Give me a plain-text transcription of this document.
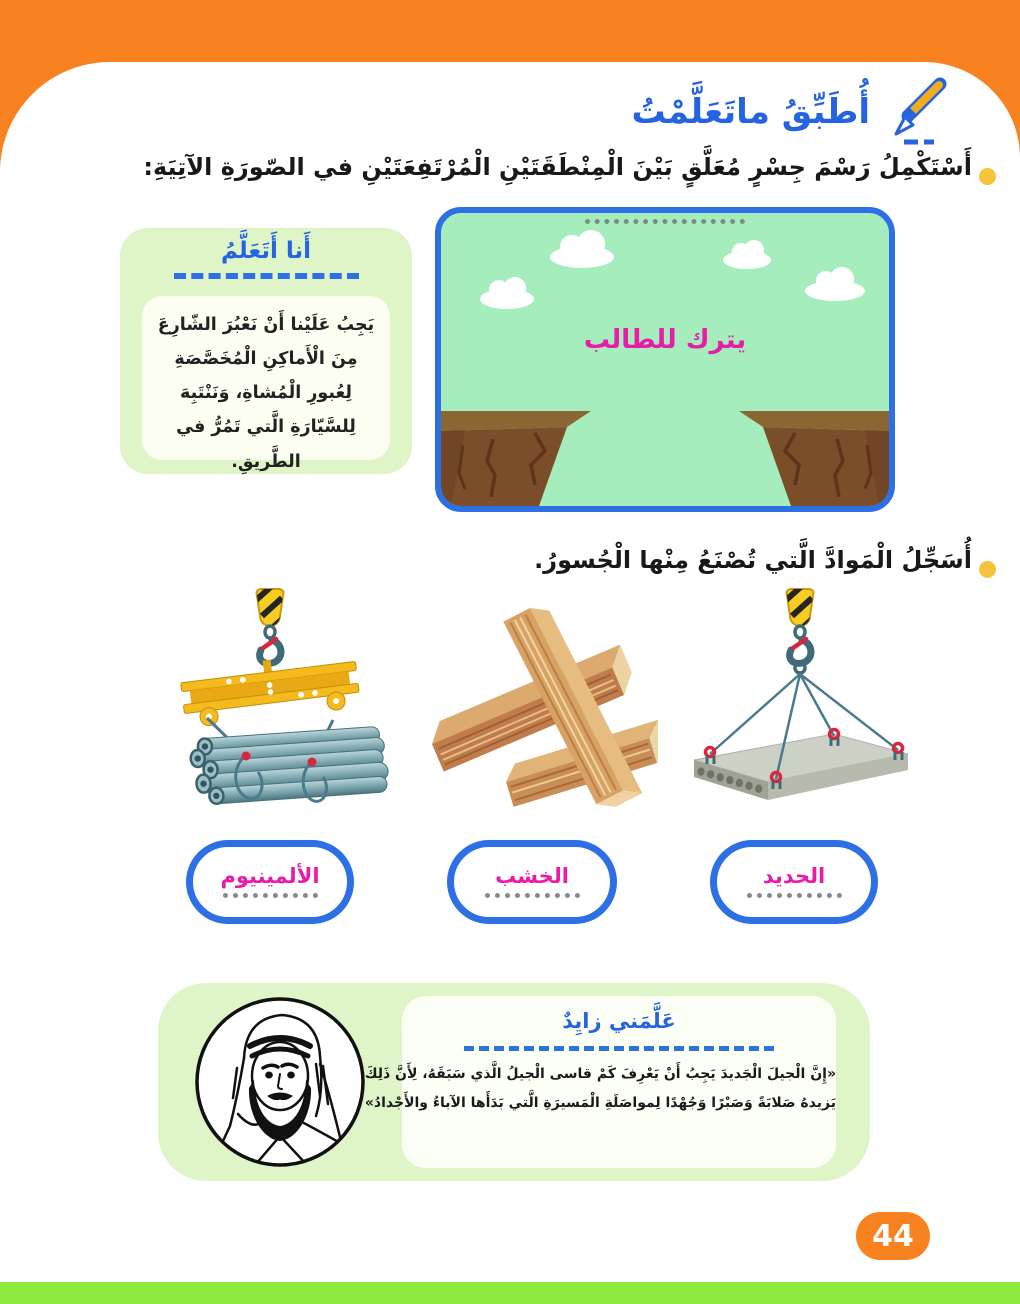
أُطَبِّقُ ماتَعَلَّمْتُ
أَسْتَكْمِلُ رَسْمَ جِسْرٍ مُعَلَّقٍ بَيْنَ الْمِنْطَقَتَيْنِ الْمُرْتَفِعَتَيْنِ في الصّورَةِ الآتِيَةِ:
أَنا أَتَعَلَّمُ
يَجِبُ عَلَيْنا أَنْ نَعْبُرَ الشّارِعَ مِنَ الْأَماكِنِ الْمُخَصَّصَةِ لِعُبورِ الْمُشاةِ، وَنَنْتَبِهَ لِلسَّيّارَةِ الَّتي تَمُرُّ في الطَّريقِ.
يترك للطالب
أُسَجِّلُ الْمَوادَّ الَّتي تُصْنَعُ مِنْها الْجُسورُ.
الحديد
الخشب
الألمينيوم
عَلَّمَني زايِدٌ
«إِنَّ الْجيلَ الْجَديدَ يَجِبُ أَنْ يَعْرِفَ كَمْ قاسى الْجيلُ الَّذي سَبَقَهُ، لِأَنَّ ذَلِكَ
يَزيدهُ صَلابَةً وَصَبْرًا وَجُهْدًا لِمواصَلَةِ الْمَسيرَةِ الَّتي بَدَأَها الآباءُ والأَجْدادُ»
44
